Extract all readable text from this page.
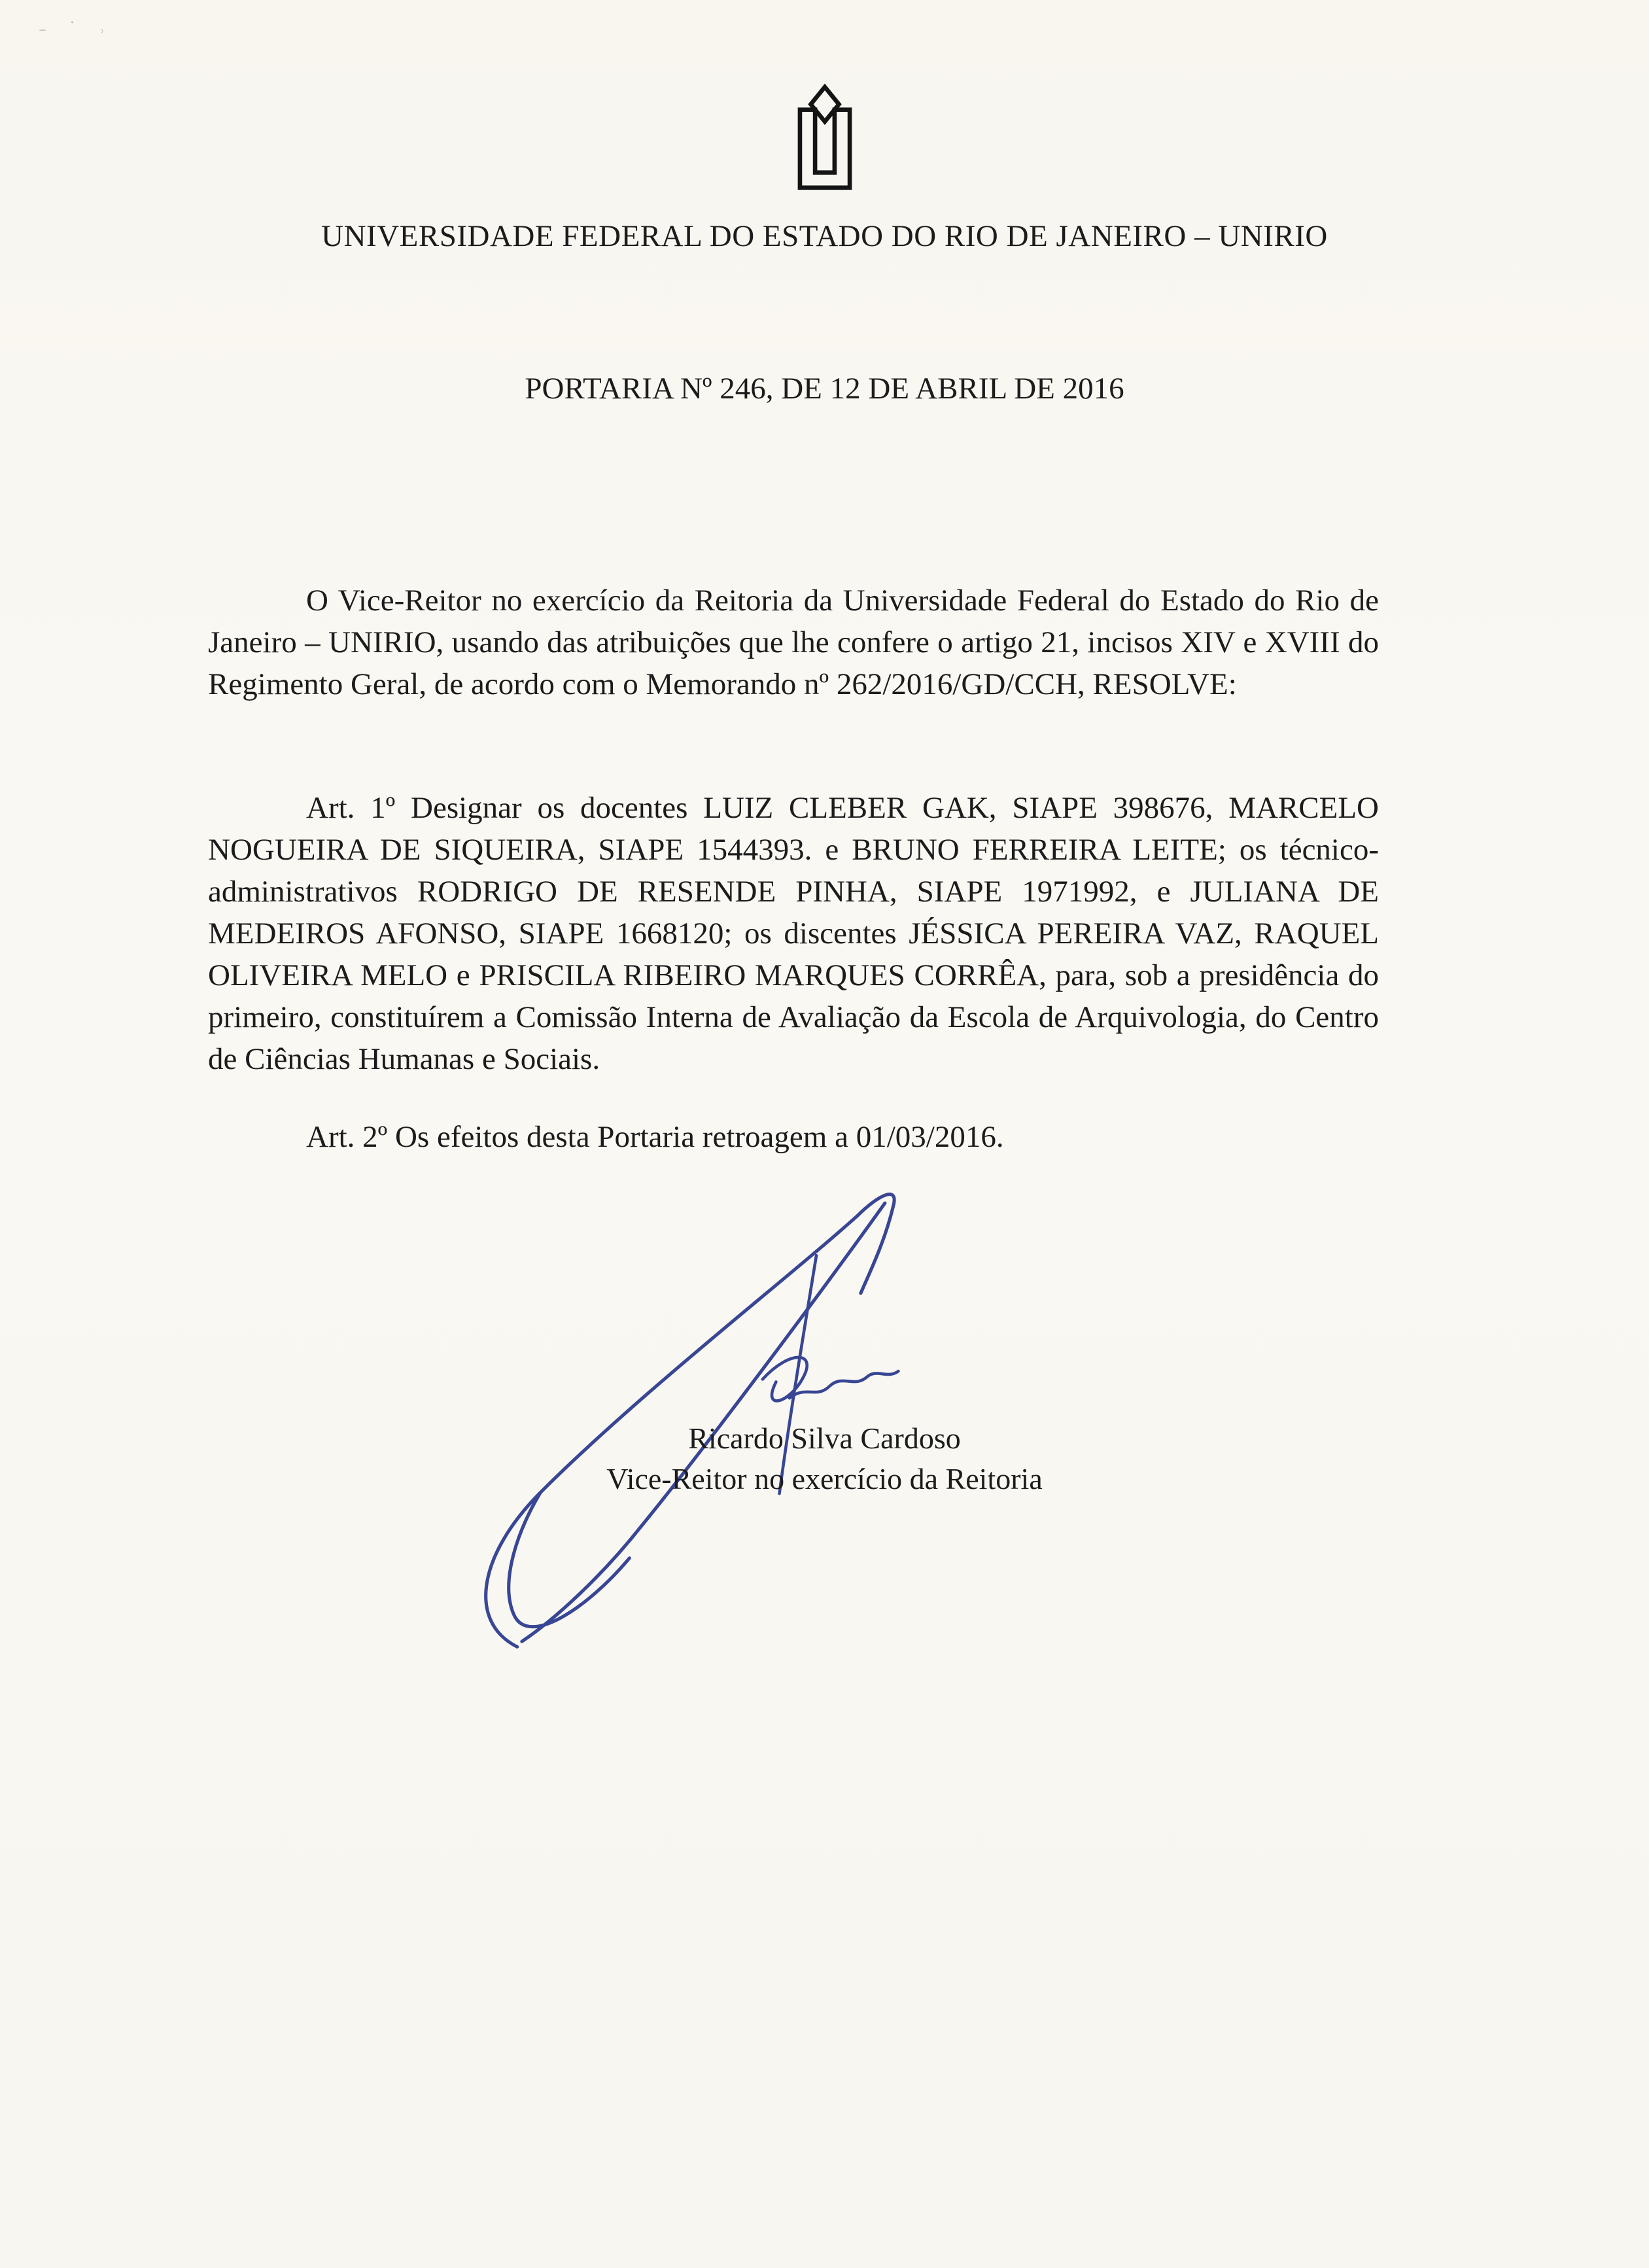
˗ ˙ ˒
UNIVERSIDADE FEDERAL DO ESTADO DO RIO DE JANEIRO – UNIRIO
PORTARIA Nº 246, DE 12 DE ABRIL DE 2016

O Vice-Reitor no exercício da Reitoria da Universidade Federal do Estado do Rio de Janeiro – UNIRIO, usando das atribuições que lhe confere o artigo 21, incisos XIV e XVIII do Regimento Geral, de acordo com o Memorando nº 262/2016/GD/CCH, RESOLVE:

Art. 1º Designar os docentes LUIZ CLEBER GAK, SIAPE 398676, MARCELO NOGUEIRA DE SIQUEIRA, SIAPE 1544393. e BRUNO FERREIRA LEITE; os técnico-administrativos RODRIGO DE RESENDE PINHA, SIAPE 1971992, e JULIANA DE MEDEIROS AFONSO, SIAPE 1668120; os discentes JÉSSICA PEREIRA VAZ, RAQUEL OLIVEIRA MELO e PRISCILA RIBEIRO MARQUES CORRÊA, para, sob a presidência do primeiro, constituírem a Comissão Interna de Avaliação da Escola de Arquivologia, do Centro de Ciências Humanas e Sociais.

Art. 2º Os efeitos desta Portaria retroagem a 01/03/2016.

Ricardo Silva Cardoso
Vice-Reitor no exercício da Reitoria
